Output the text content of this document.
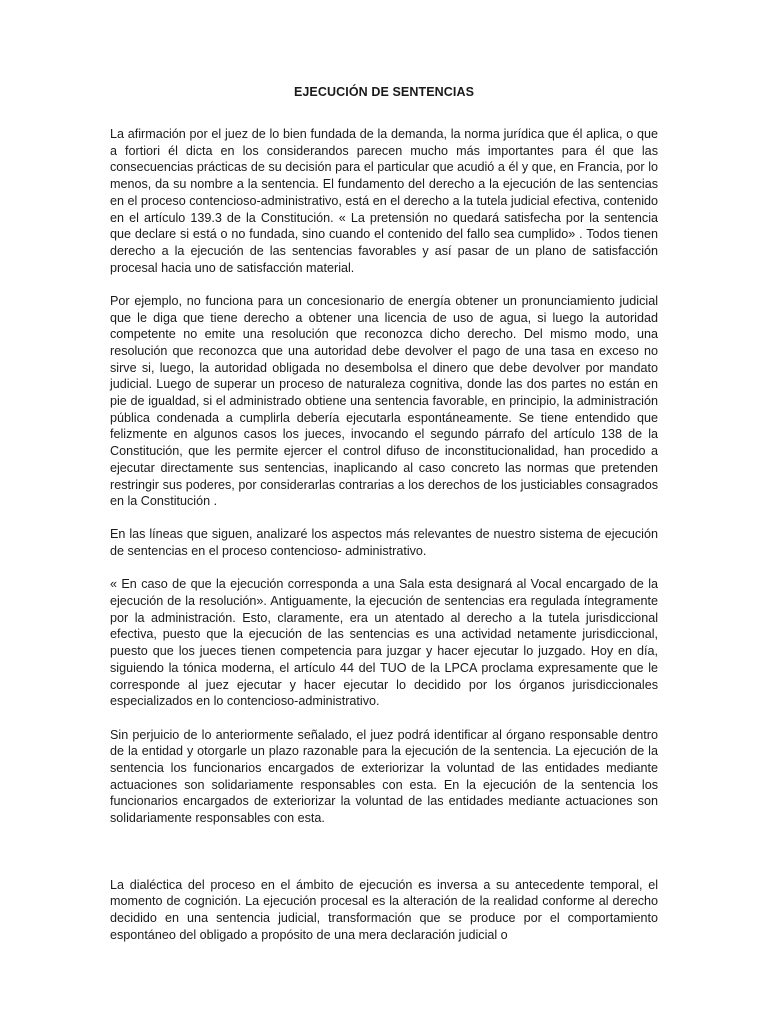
EJECUCIÓN DE SENTENCIAS

La afirmación por el juez de lo bien fundada de la demanda, la norma jurídica que él aplica, o que a fortiori él dicta en los considerandos parecen mucho más importantes para él que las consecuencias prácticas de su decisión para el particular que acudió a él y que, en Francia, por lo menos, da su nombre a la sentencia. El fundamento del derecho a la ejecución de las sentencias en el proceso contencioso-administrativo, está en el derecho a la tutela judicial efectiva, contenido en el artículo 139.3 de la Constitución. « La pretensión no quedará satisfecha por la sentencia que declare si está o no fundada, sino cuando el contenido del fallo sea cumplido» . Todos tienen derecho a la ejecución de las sentencias favorables y así pasar de un plano de satisfacción procesal hacia uno de satisfacción material.

Por ejemplo, no funciona para un concesionario de energía obtener un pronunciamiento judicial que le diga que tiene derecho a obtener una licencia de uso de agua, si luego la autoridad competente no emite una resolución que reconozca dicho derecho. Del mismo modo, una resolución que reconozca que una autoridad debe devolver el pago de una tasa en exceso no sirve si, luego, la autoridad obligada no desembolsa el dinero que debe devolver por mandato judicial. Luego de superar un proceso de naturaleza cognitiva, donde las dos partes no están en pie de igualdad, si el administrado obtiene una sentencia favorable, en principio, la administración pública condenada a cumplirla debería ejecutarla espontáneamente. Se tiene entendido que felizmente en algunos casos los jueces, invocando el segundo párrafo del artículo 138 de la Constitución, que les permite ejercer el control difuso de inconstitucionalidad, han procedido a ejecutar directamente sus sentencias, inaplicando al caso concreto las normas que pretenden restringir sus poderes, por considerarlas contrarias a los derechos de los justiciables consagrados en la Constitución .

En las líneas que siguen, analizaré los aspectos más relevantes de nuestro sistema de ejecución de sentencias en el proceso contencioso- administrativo.

« En caso de que la ejecución corresponda a una Sala esta designará al Vocal encargado de la ejecución de la resolución». Antiguamente, la ejecución de sentencias era regulada íntegramente por la administración. Esto, claramente, era un atentado al derecho a la tutela jurisdiccional efectiva, puesto que la ejecución de las sentencias es una actividad netamente jurisdiccional, puesto que los jueces tienen competencia para juzgar y hacer ejecutar lo juzgado. Hoy en día, siguiendo la tónica moderna, el artículo 44 del TUO de la LPCA proclama expresamente que le corresponde al juez ejecutar y hacer ejecutar lo decidido por los órganos jurisdiccionales especializados en lo contencioso-administrativo.

Sin perjuicio de lo anteriormente señalado, el juez podrá identificar al órgano responsable dentro de la entidad y otorgarle un plazo razonable para la ejecución de la sentencia. La ejecución de la sentencia los funcionarios encargados de exteriorizar la voluntad de las entidades mediante actuaciones son solidariamente responsables con esta. En la ejecución de la sentencia los funcionarios encargados de exteriorizar la voluntad de las entidades mediante actuaciones son solidariamente responsables con esta.

La dialéctica del proceso en el ámbito de ejecución es inversa a su antecedente temporal, el momento de cognición. La ejecución procesal es la alteración de la realidad conforme al derecho decidido en una sentencia judicial, transformación que se produce por el comportamiento espontáneo del obligado a propósito de una mera declaración judicial o
